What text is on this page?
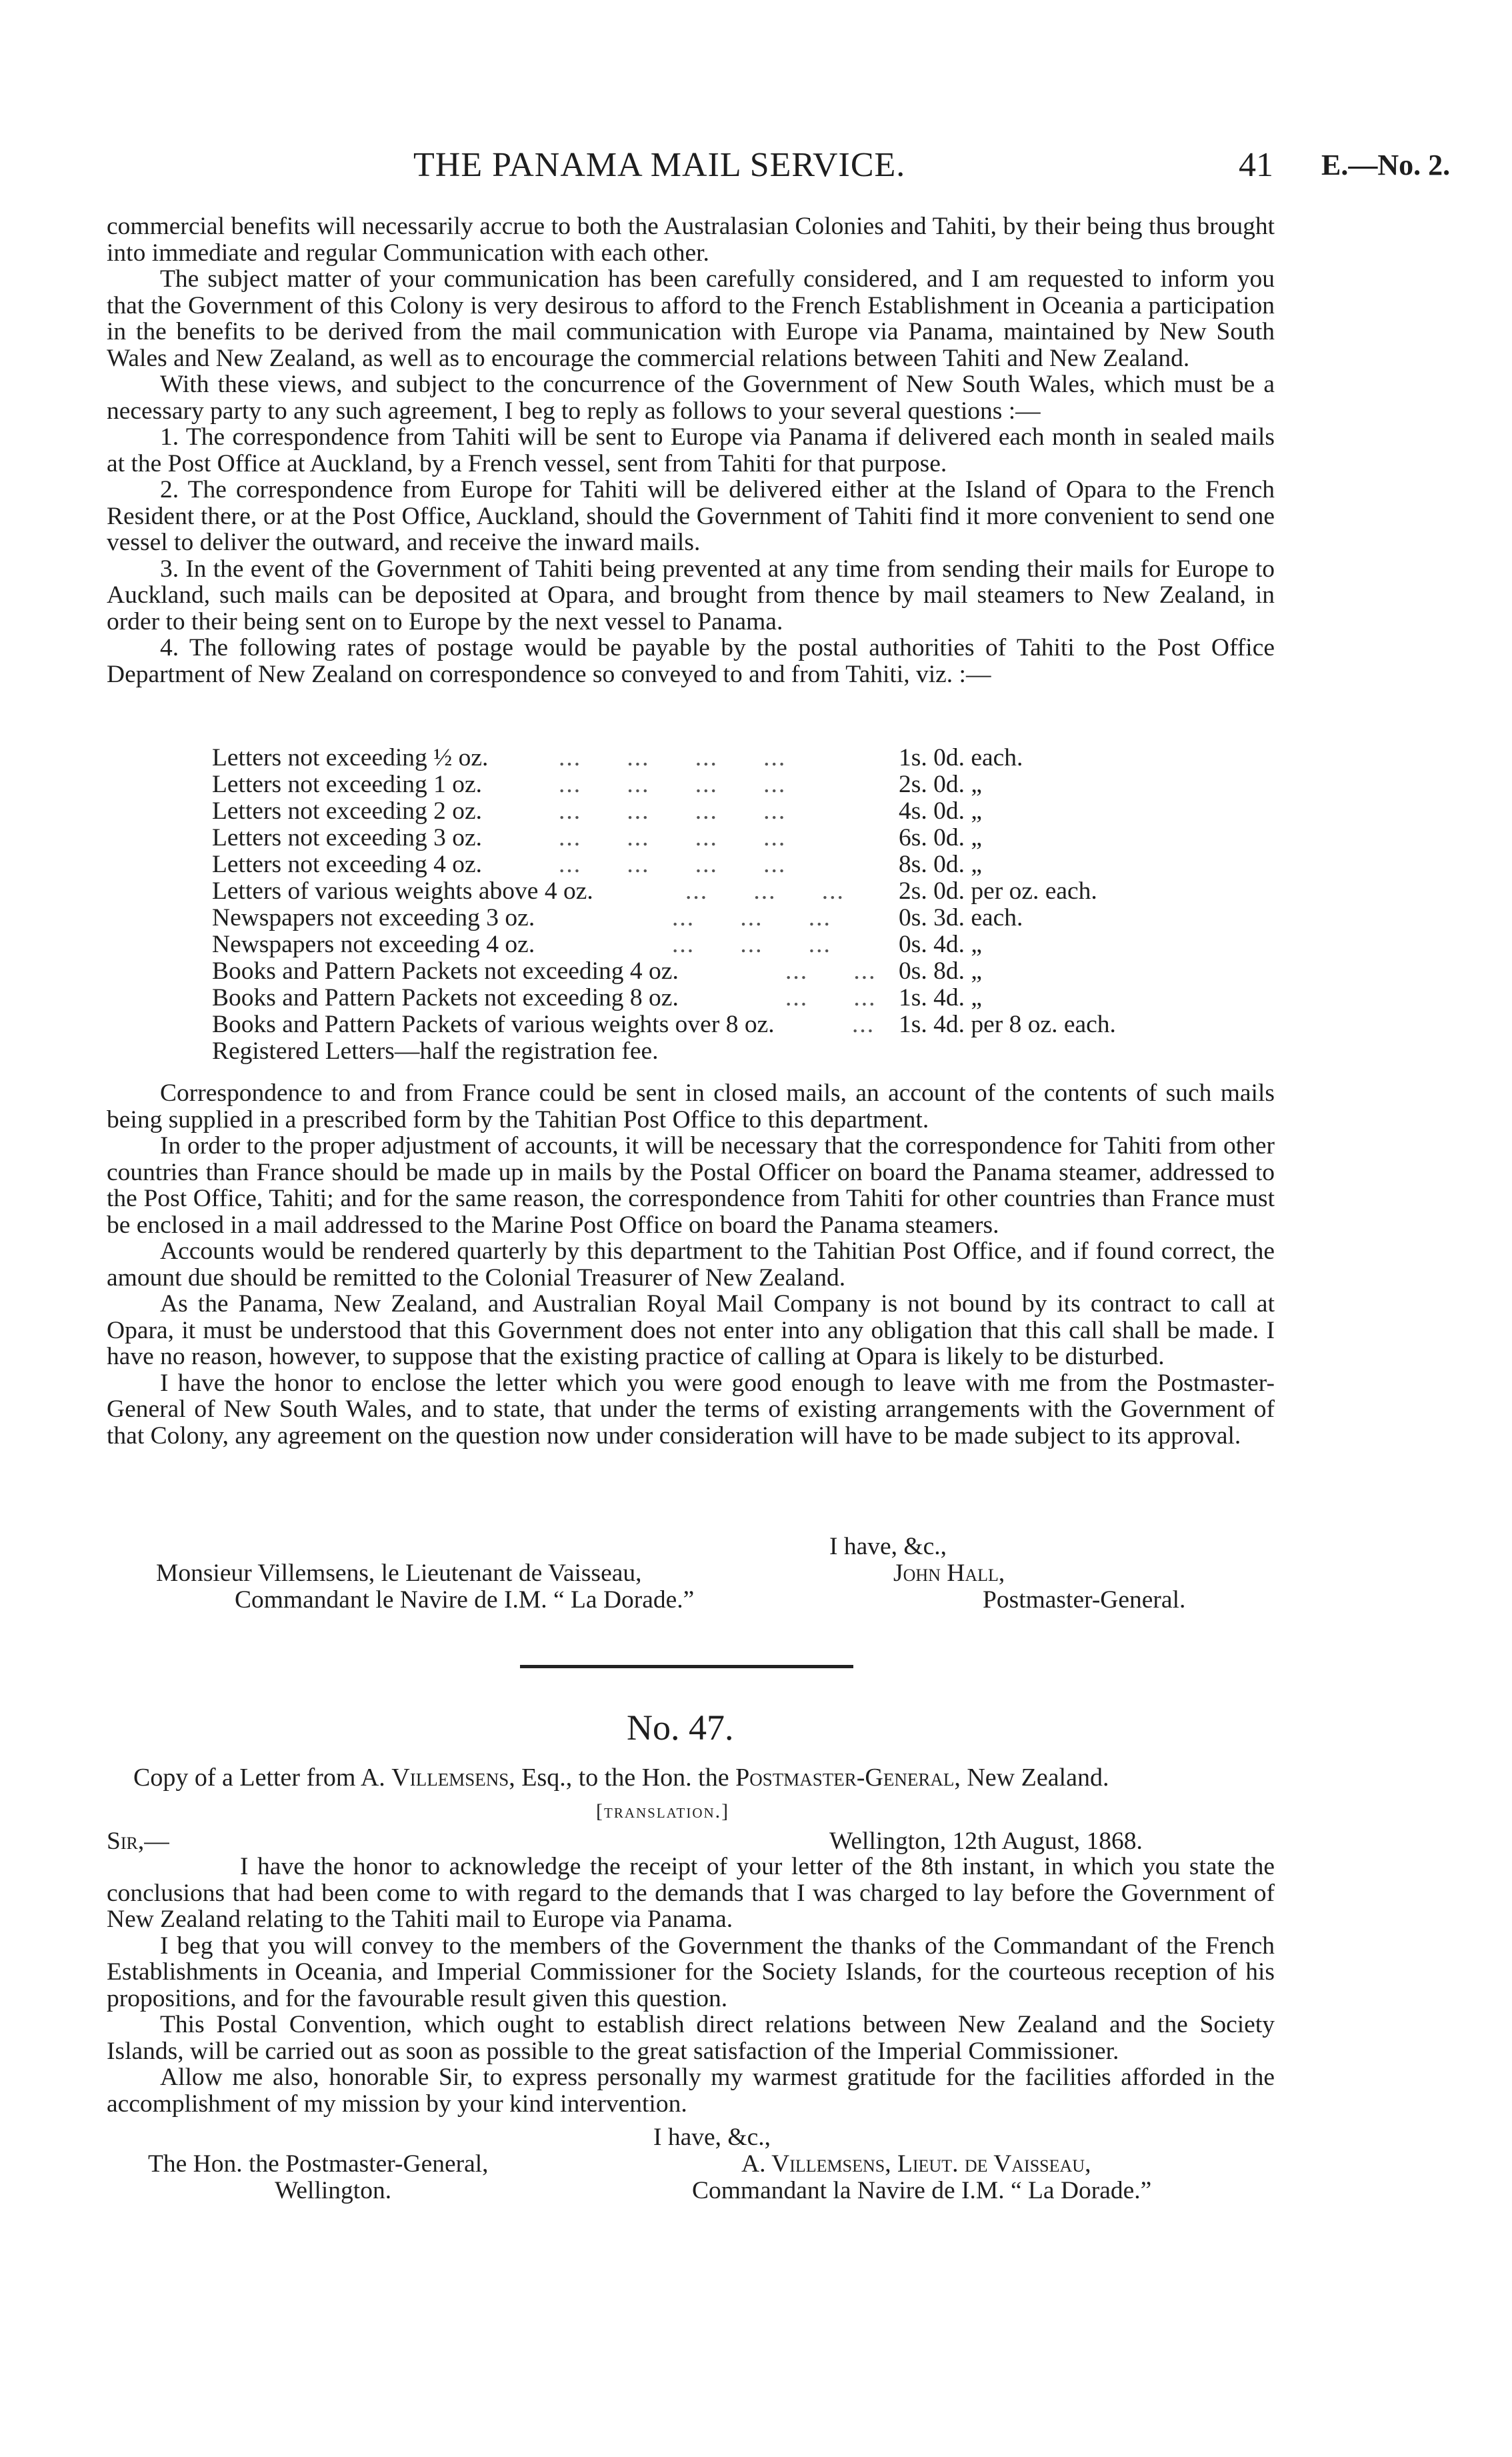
THE PANAMA MAIL SERVICE.	41 E.—No. 2.

commercial benefits will necessarily accrue to both the Australasian Colonies and Tahiti, by their being thus brought into immediate and regular Communication with each other.

The subject matter of your communication has been carefully considered, and I am requested to inform you that the Government of this Colony is very desirous to afford to the French Establishment in Oceania a participation in the benefits to be derived from the mail communication with Europe via Panama, maintained by New South Wales and New Zealand, as well as to encourage the commercial relations between Tahiti and New Zealand.

With these views, and subject to the concurrence of the Government of New South Wales, which must be a necessary party to any such agreement, I beg to reply as follows to your several questions :—

1. The correspondence from Tahiti will be sent to Europe via Panama if delivered each month in sealed mails at the Post Office at Auckland, by a French vessel, sent from Tahiti for that purpose.

2. The correspondence from Europe for Tahiti will be delivered either at the Island of Opara to the French Resident there, or at the Post Office, Auckland, should the Government of Tahiti find it more convenient to send one vessel to deliver the outward, and receive the inward mails.

3. In the event of the Government of Tahiti being prevented at any time from sending their mails for Europe to Auckland, such mails can be deposited at Opara, and brought from thence by mail steamers to New Zealand, in order to their being sent on to Europe by the next vessel to Panama.

4. The following rates of postage would be payable by the postal authorities of Tahiti to the Post Office Department of New Zealand on correspondence so conveyed to and from Tahiti, viz. :—

Letters not exceeding ½ oz.	...      ...      ...      ...	1s. 0d. each.
Letters not exceeding 1 oz.	...      ...      ...      ...	2s. 0d. „
Letters not exceeding 2 oz.	...      ...      ...      ...	4s. 0d. „
Letters not exceeding 3 oz.	...      ...      ...      ...	6s. 0d. „
Letters not exceeding 4 oz.	...      ...      ...      ...	8s. 0d. „
Letters of various weights above 4 oz.	...      ...      ... 2s. 0d. per oz. each.
Newspapers not exceeding 3 oz.	...      ...      ...	0s. 3d. each.
Newspapers not exceeding 4 oz.	...      ...      ...	0s. 4d. „
Books and Pattern Packets not exceeding 4 oz.	...      ... 0s. 8d. „
Books and Pattern Packets not exceeding 8 oz.	...      ... 1s. 4d. „
Books and Pattern Packets of various weights over 8 oz.	... 1s. 4d. per 8 oz. each.
Registered Letters—half the registration fee.

Correspondence to and from France could be sent in closed mails, an account of the contents of such mails being supplied in a prescribed form by the Tahitian Post Office to this department.

In order to the proper adjustment of accounts, it will be necessary that the correspondence for Tahiti from other countries than France should be made up in mails by the Postal Officer on board the Panama steamer, addressed to the Post Office, Tahiti; and for the same reason, the correspondence from Tahiti for other countries than France must be enclosed in a mail addressed to the Marine Post Office on board the Panama steamers.

Accounts would be rendered quarterly by this department to the Tahitian Post Office, and if found correct, the amount due should be remitted to the Colonial Treasurer of New Zealand.

As the Panama, New Zealand, and Australian Royal Mail Company is not bound by its contract to call at Opara, it must be understood that this Government does not enter into any obligation that this call shall be made. I have no reason, however, to suppose that the existing practice of calling at Opara is likely to be disturbed.

I have the honor to enclose the letter which you were good enough to leave with me from the Postmaster-General of New South Wales, and to state, that under the terms of existing arrangements with the Government of that Colony, any agreement on the question now under consideration will have to be made subject to its approval.

I have, &c.,
Monsieur Villemsens, le Lieutenant de Vaisseau,	John Hall,
Commandant le Navire de I.M. “ La Dorade.”	Postmaster-General.
No. 47.
Copy of a Letter from A. Villemsens, Esq., to the Hon. the Postmaster-General, New Zealand.
[translation.]
Sir,—	Wellington, 12th August, 1868.

I have the honor to acknowledge the receipt of your letter of the 8th instant, in which you state the conclusions that had been come to with regard to the demands that I was charged to lay before the Government of New Zealand relating to the Tahiti mail to Europe via Panama.

I beg that you will convey to the members of the Government the thanks of the Commandant of the French Establishments in Oceania, and Imperial Commissioner for the Society Islands, for the courteous reception of his propositions, and for the favourable result given this question.

This Postal Convention, which ought to establish direct relations between New Zealand and the Society Islands, will be carried out as soon as possible to the great satisfaction of the Imperial Commissioner.

Allow me also, honorable Sir, to express personally my warmest gratitude for the facilities afforded in the accomplishment of my mission by your kind intervention.

I have, &c.,
The Hon. the Postmaster-General,	A. Villemsens, Lieut. de Vaisseau,
Wellington.	Commandant la Navire de I.M. “ La Dorade.”
